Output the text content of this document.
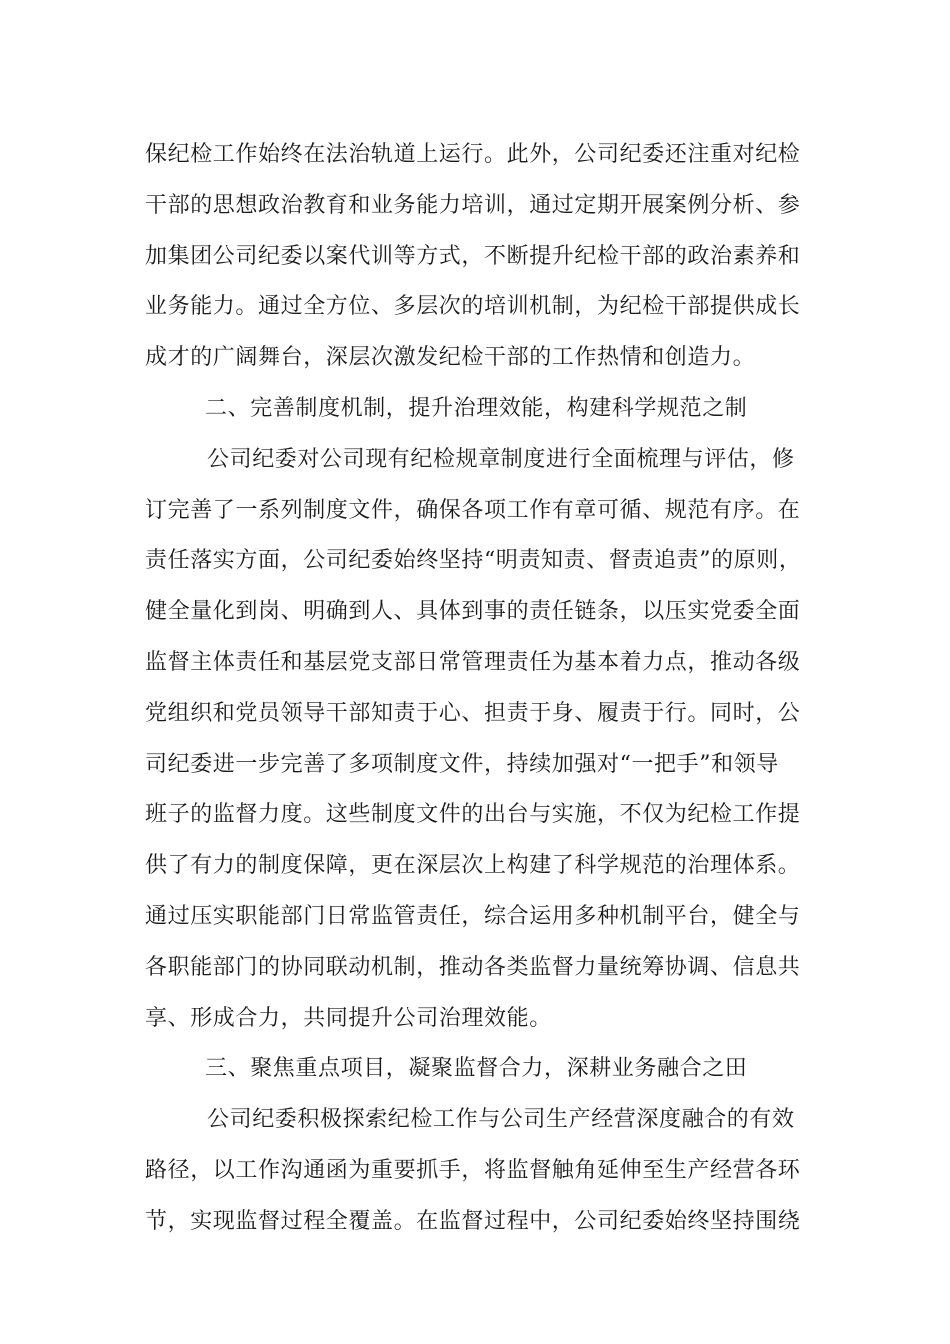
保纪检工作始终在法治轨道上运行。此外，公司纪委还注重对纪检
干部的思想政治教育和业务能力培训，通过定期开展案例分析、参
加集团公司纪委以案代训等方式，不断提升纪检干部的政治素养和
业务能力。通过全方位、多层次的培训机制，为纪检干部提供成长
成才的广阔舞台，深层次激发纪检干部的工作热情和创造力。
二、完善制度机制，提升治理效能，构建科学规范之制
公司纪委对公司现有纪检规章制度进行全面梳理与评估，修
订完善了一系列制度文件，确保各项工作有章可循、规范有序。在
责任落实方面，公司纪委始终坚持“明责知责、督责追责”的原则，
健全量化到岗、明确到人、具体到事的责任链条，以压实党委全面
监督主体责任和基层党支部日常管理责任为基本着力点，推动各级
党组织和党员领导干部知责于心、担责于身、履责于行。同时，公
司纪委进一步完善了多项制度文件，持续加强对“一把手”和领导
班子的监督力度。这些制度文件的出台与实施，不仅为纪检工作提
供了有力的制度保障，更在深层次上构建了科学规范的治理体系。
通过压实职能部门日常监管责任，综合运用多种机制平台，健全与
各职能部门的协同联动机制，推动各类监督力量统筹协调、信息共
享、形成合力，共同提升公司治理效能。
三、聚焦重点项目，凝聚监督合力，深耕业务融合之田
公司纪委积极探索纪检工作与公司生产经营深度融合的有效
路径，以工作沟通函为重要抓手，将监督触角延伸至生产经营各环
节，实现监督过程全覆盖。在监督过程中，公司纪委始终坚持围绕
